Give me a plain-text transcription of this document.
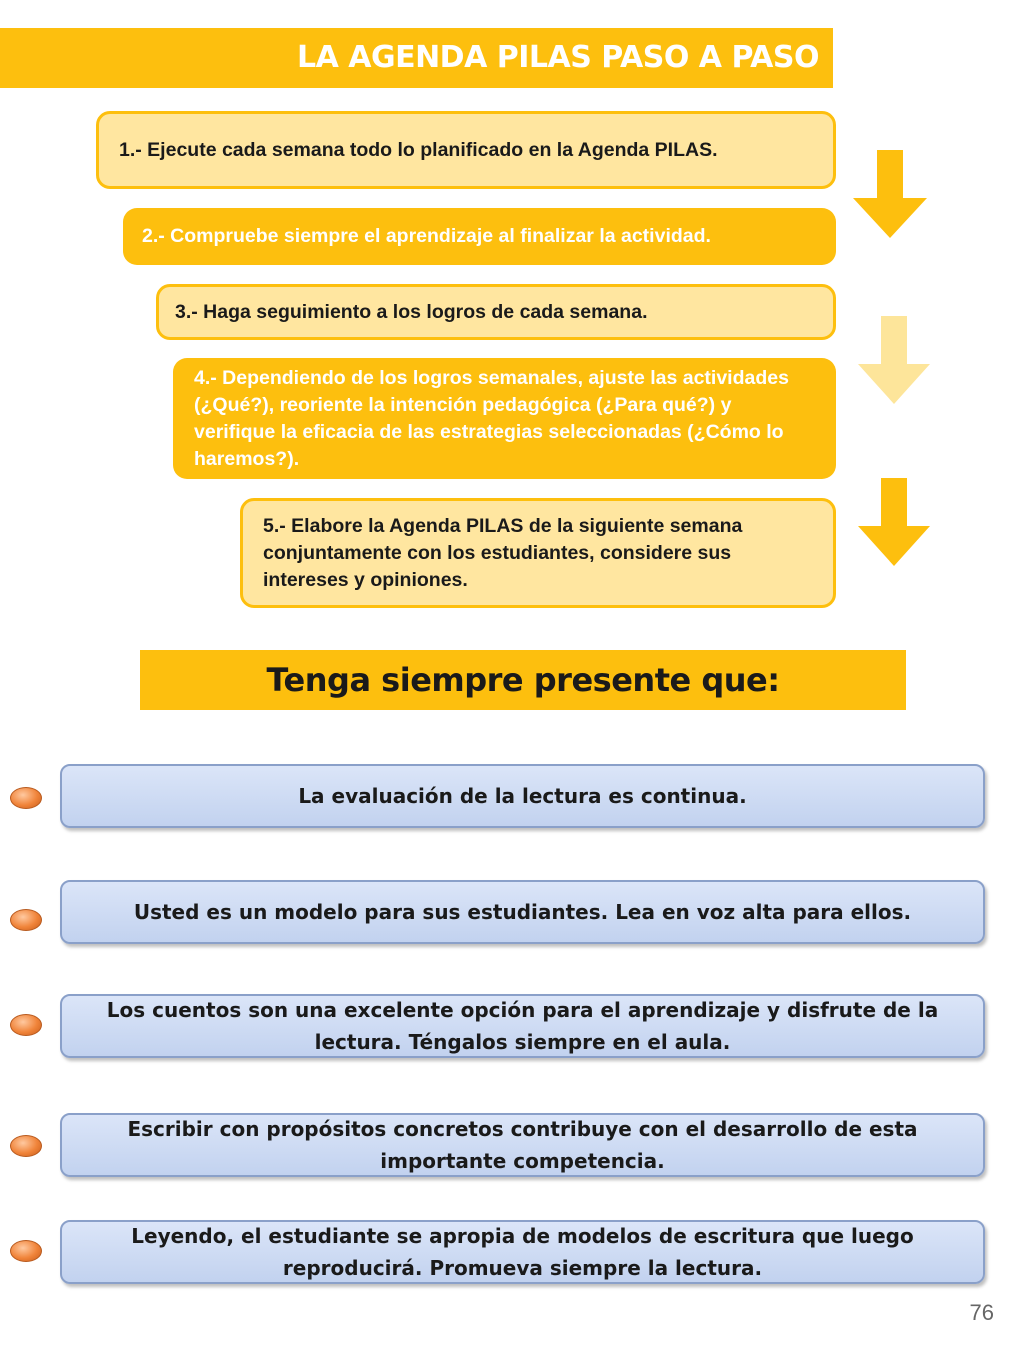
LA AGENDA PILAS PASO A PASO
1.- Ejecute cada semana todo lo planificado en la Agenda PILAS.
2.- Compruebe siempre el aprendizaje al finalizar la actividad.
3.- Haga seguimiento a los logros de cada semana.
4.- Dependiendo de los logros semanales, ajuste las actividades (¿Qué?), reoriente la intención pedagógica (¿Para qué?) y verifique la eficacia de las estrategias seleccionadas (¿Cómo lo haremos?).
5.- Elabore la Agenda PILAS de la siguiente semana conjuntamente con los estudiantes, considere sus intereses y opiniones.
Tenga siempre presente que:
La evaluación de la lectura es continua.
Usted es un modelo para sus estudiantes. Lea en voz alta para ellos.
Los cuentos son una excelente opción para el aprendizaje y disfrute de la lectura. Téngalos siempre en el aula.
Escribir con propósitos concretos contribuye con el desarrollo de esta importante competencia.
Leyendo, el estudiante se apropia de modelos de escritura que luego reproducirá. Promueva siempre la lectura.
76
